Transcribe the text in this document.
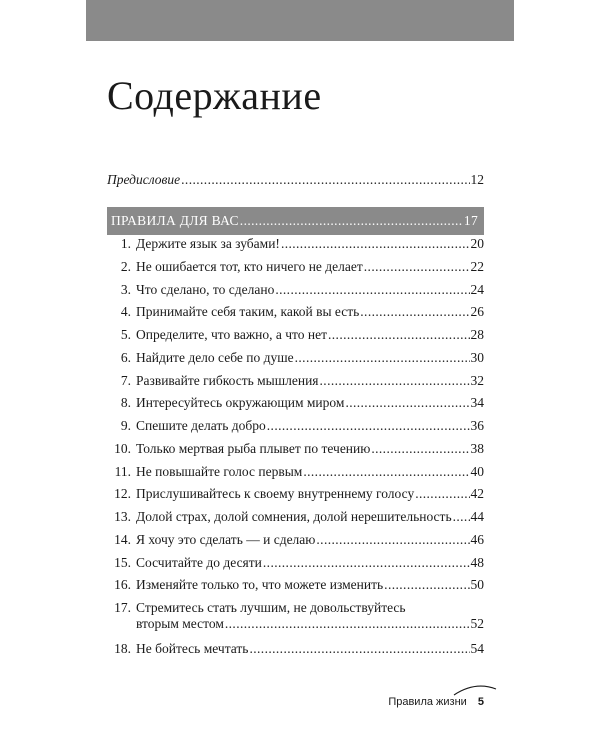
Содержание
Предисловие .....	12
ПРАВИЛА ДЛЯ ВАС .....	17
1. Держите язык за зубами! .....	20
2. Не ошибается тот, кто ничего не делает .....	22
3. Что сделано, то сделано .....	24
4. Принимайте себя таким, какой вы есть .....	26
5. Определите, что важно, а что нет .....	28
6. Найдите дело себе по душе .....	30
7. Развивайте гибкость мышления .....	32
8. Интересуйтесь окружающим миром .....	34
9. Спешите делать добро .....	36
10. Только мертвая рыба плывет по течению .....	38
11. Не повышайте голос первым .....	40
12. Прислушивайтесь к своему внутреннему голосу .....	42
13. Долой страх, долой сомнения, долой нерешительность ..... 44
14. Я хочу это сделать — и сделаю .....	46
15. Сосчитайте до десяти .....	48
16. Изменяйте только то, что можете изменить .....	50
17. Стремитесь стать лучшим, не довольствуйтесь
вторым местом .....	52
18. Не бойтесь мечтать .....	54
Правила жизни 5
